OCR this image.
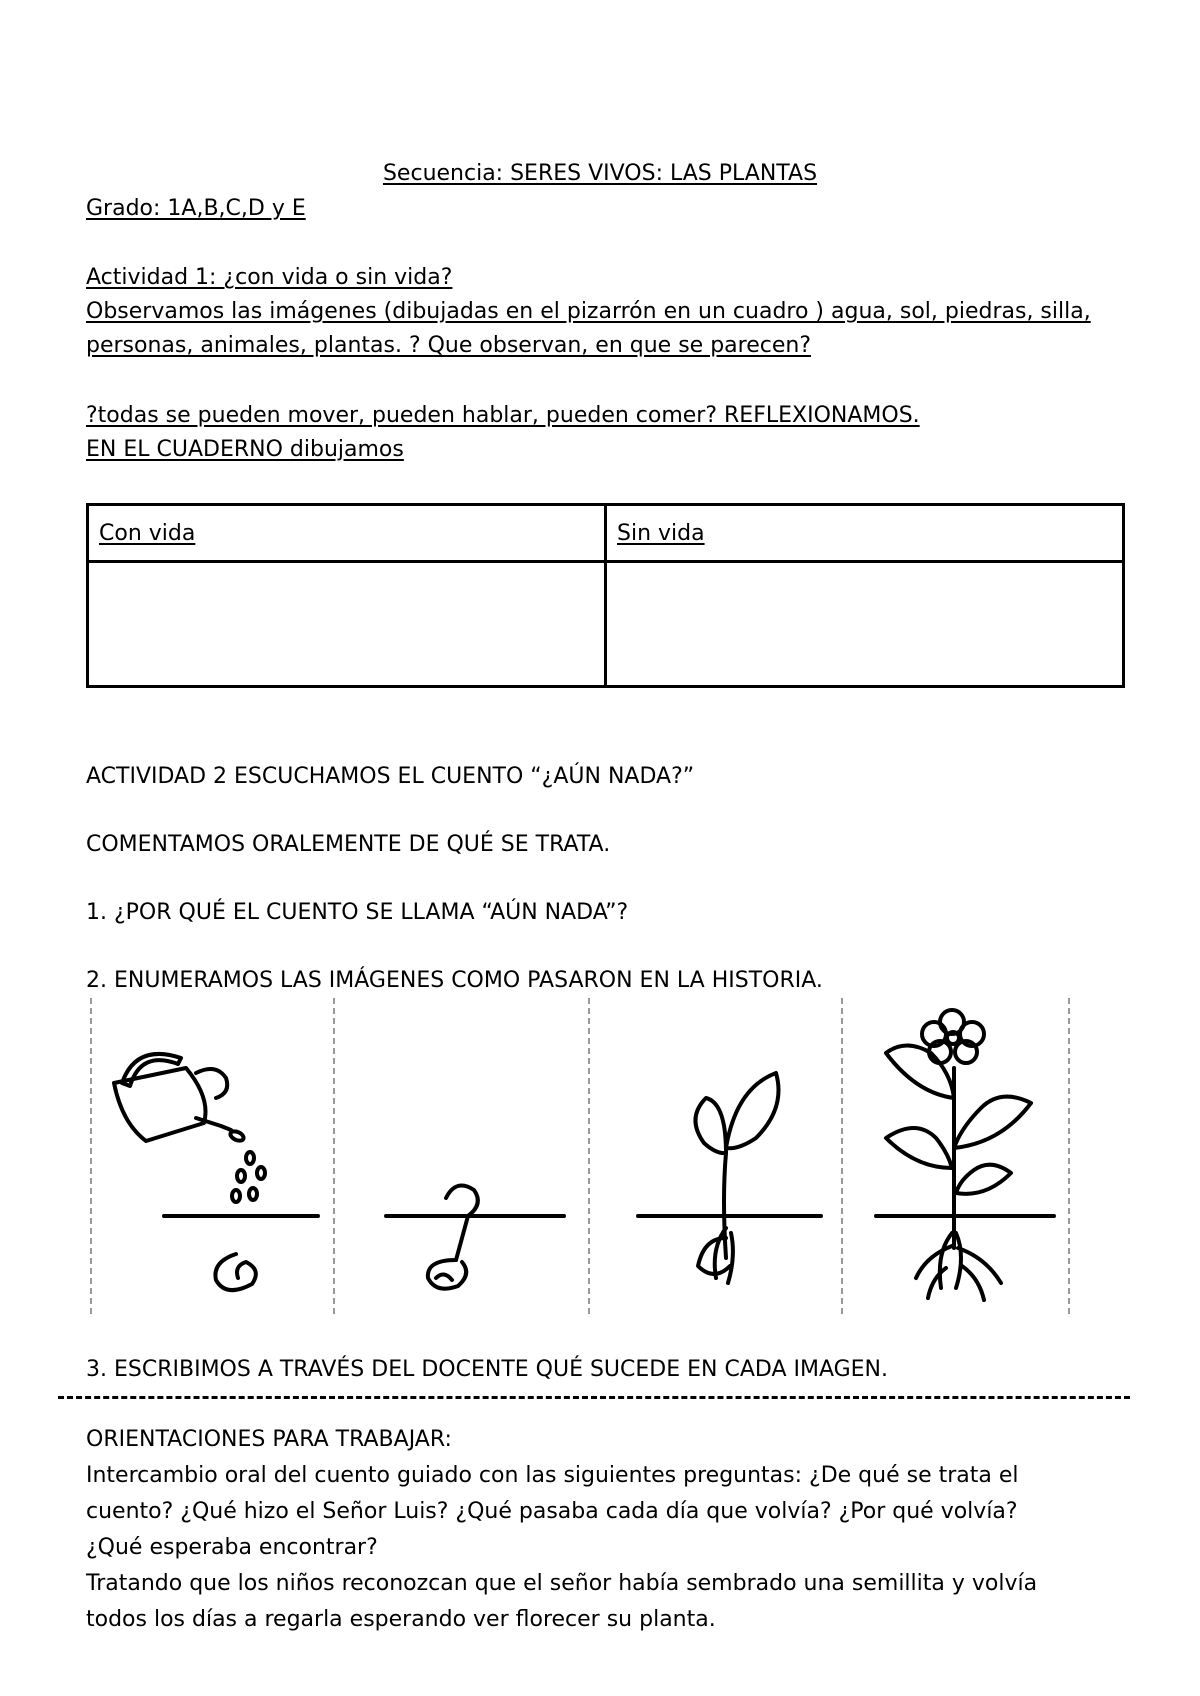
Secuencia: SERES VIVOS: LAS PLANTAS
Grado: 1A,B,C,D y E
Actividad 1: ¿con vida o sin vida?
Observamos las imágenes (dibujadas en el pizarrón en un cuadro ) agua, sol, piedras, silla,
personas, animales, plantas. ? Que observan, en que se parecen?
?todas se pueden mover, pueden hablar, pueden comer? REFLEXIONAMOS.
EN EL CUADERNO dibujamos
Con vida	Sin vida

ACTIVIDAD 2 ESCUCHAMOS EL CUENTO “¿AÚN NADA?”
COMENTAMOS ORALEMENTE DE QUÉ SE TRATA.
1. ¿POR QUÉ EL CUENTO SE LLAMA “AÚN NADA”?
2. ENUMERAMOS LAS IMÁGENES COMO PASARON EN LA HISTORIA.
3. ESCRIBIMOS A TRAVÉS DEL DOCENTE QUÉ SUCEDE EN CADA IMAGEN.
ORIENTACIONES PARA TRABAJAR:
Intercambio oral del cuento guiado con las siguientes preguntas: ¿De qué se trata el
cuento? ¿Qué hizo el Señor Luis? ¿Qué pasaba cada día que volvía? ¿Por qué volvía?
¿Qué esperaba encontrar?
Tratando que los niños reconozcan que el señor había sembrado una semillita y volvía
todos los días a regarla esperando ver florecer su planta.
